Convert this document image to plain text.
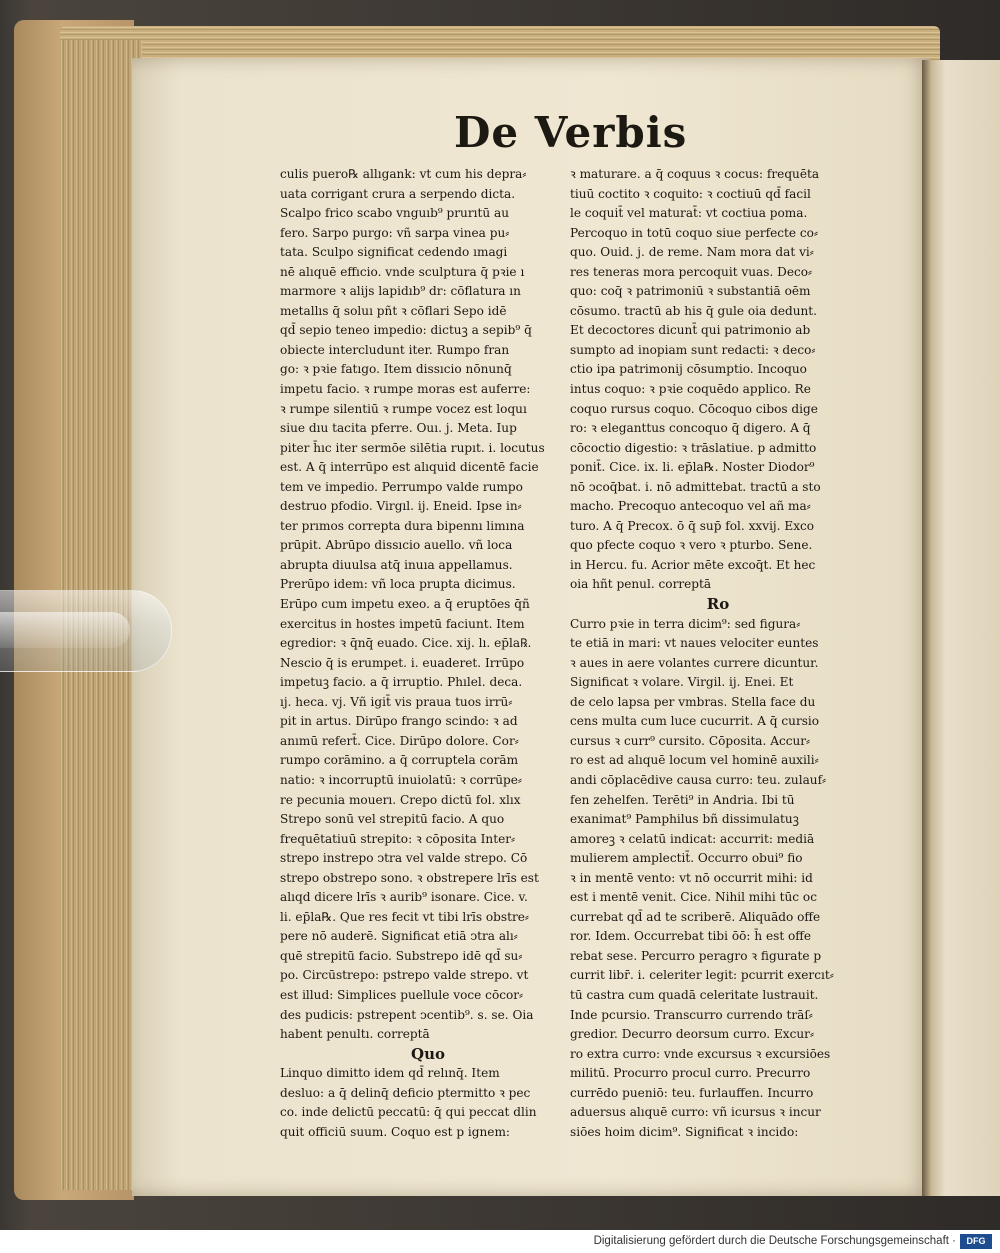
De Verbis
culis puero℞ allıgank: vt cum his depra⸗
uata corrigant crura a serpendo dicta.
Scalpo frico scabo vnguıb⁹ prurıtū au
fero. Sarpo purgo: vñ sarpa vinea pu⸗
tata. Sculpo significat cedendo ımagi
nē alıquē effıcio. vnde sculptura q̄ pꝛie ı
marmore ꝛ alijs lapidıb⁹ dr: cōflatura ın
metallıs q̄ soluı pñt ꝛ cōflari Sepo idē
qd̄ sepio teneo impedio: dictuꝫ a sepib⁹ q̄
obiecte intercludunt iter. Rumpo fran
go: ꝛ pꝛie fatıgo. Item dissıcio nōnunq̄
impetu facio. ꝛ rumpe moras est auferre:
ꝛ rumpe silentiū ꝛ rumpe vocez est loquı
siue dıu tacita pferre. Ouı. j. Meta. Iup
piter h̄ıc iter sermōe silētia rupıt. i. locutus
est. A q̄ interrūpo est alıquid dicentē facie
tem ve impedio. Perrumpo valde rumpo
destruo pfodio. Virgıl. ij. Eneid. Ipse in⸗
ter prımos correpta dura bipennı limına
prūpit. Abrūpo dissıcio auello. vñ loca
abrupta diuulsa atq̄ inuıa appellamus.
Prerūpo idem: vñ loca prupta dicimus.
Erūpo cum impetu exeo. a q̄ eruptōes q̄ñ
exercitus in hostes impetū faciunt. Item
egredior: ꝛ q̄nq̄ euado. Cice. xij. lı. ep̄la℞.
Nescio q̄ is erumpet. i. euaderet. Irrūpo
impetuꝫ facio. a q̄ irruptio. Phılel. deca.
ıj. heca. vj. Vñ igit̄ vis praua tuos irrū⸗
pit in artus. Dirūpo frango scindo: ꝛ ad
anımū refert̄. Cice. Dirūpo dolore. Cor⸗
rumpo corāmino. a q̄ corruptela corām
natio: ꝛ incorruptū inuiolatū: ꝛ corrūpe⸗
re pecunia mouerı. Crepo dictū fol. xlıx
Strepo sonū vel strepitū facio. A quo
frequētatiuū strepito: ꝛ cōposita Inter⸗
strepo instrepo ↄtra vel valde strepo. Cō
strepo obstrepo sono. ꝛ obstrepere lrīs est
alıqd dicere lrīs ꝛ aurib⁹ isonare. Cice. v.
li. ep̄la℞. Que res fecit vt tibi lrīs obstre⸗
pere nō auderē. Significat etiā ↄtra alı⸗
quē strepitū facio. Substrepo idē qd̄ su⸗
po. Circūstrepo: pstrepo valde strepo. vt
est illud: Simplices puellule voce cōcor⸗
des pudicis: pstrepent ↄcentib⁹. s. se. Oia
habent penultı. correptā
Quo
Linquo dimitto idem qd̄ relınq̄. Item
desluo: a q̄ delinq̄ deficio ptermitto ꝛ pec
co. inde delictū peccatū: q̄ qui peccat dlin
quit officiū suum. Coquo est p ignem:
ꝛ maturare. a q̄ coquus ꝛ cocus: frequēta
tiuū coctito ꝛ coquito: ꝛ coctiuū qd̄ facil
le coquit̄ vel maturat̄: vt coctiua poma.
Percoquo in totū coquo siue perfecte co⸗
quo. Ouid. j. de reme. Nam mora dat vi⸗
res teneras mora percoquit vuas. Deco⸗
quo: coq̄ ꝛ patrimoniū ꝛ substantiā oēm
cōsumo. tractū ab his q̄ gule oia dedunt.
Et decoctores dicunt̄ qui patrimonio ab
sumpto ad inopiam sunt redacti: ꝛ deco⸗
ctio ipa patrimonij cōsumptio. Incoquo
intus coquo: ꝛ pꝛie coquēdo applico. Re
coquo rursus coquo. Cōcoquo cibos dige
ro: ꝛ eleganttus concoquo q̄ digero. A q̄
cōcoctio digestio: ꝛ trāslatiue. p admitto
ponit̄. Cice. ix. li. ep̄la℞. Noster Diodor⁹
nō ↄcoq̄bat. i. nō admittebat. tractū a sto
macho. Precoquo antecoquo vel añ ma⸗
turo. A q̄ Precox. ō q̄ sup̄ fol. xxvij. Exco
quo pfecte coquo ꝛ vero ꝛ pturbo. Sene.
in Hercu. fu. Acrior mēte excoq̄t. Et hec
oia hñt penul. correptā
Ro
Curro pꝛie in terra dicim⁹: sed figura⸗
te etiā in mari: vt naues velociter euntes
ꝛ aues in aere volantes currere dicuntur.
Significat ꝛ volare. Virgil. ij. Enei. Et
de celo lapsa per vmbras. Stella face du
cens multa cum luce cucurrit. A q̄ cursio
cursus ꝛ curr⁹ cursito. Cōposita. Accur⸗
ro est ad alıquē locum vel hominē auxili⸗
andi cōplacēdive causa curro: teu. zulauf⸗
fen zehelfen. Terēti⁹ in Andria. Ibi tū
exanimat⁹ Pamphilus bñ dissimulatuꝫ
amoreꝫ ꝛ celatū indicat: accurrit: mediā
mulierem amplectit̄. Occurro obui⁹ fio
ꝛ in mentē vento: vt nō occurrit mihi: id
est i mentē venit. Cice. Nihil mihi tūc oc
currebat qd̄ ad te scriberē. Aliquādo offe
ror. Idem. Occurrebat tibi ōō: h̄ est offe
rebat sese. Percurro peragro ꝛ figurate p
currit libr̄. i. celeriter legit: pcurrit exercıt⸗
tū castra cum quadā celeritate lustrauit.
Inde pcursio. Transcurro currendo trāſ⸗
gredior. Decurro deorsum curro. Excur⸗
ro extra curro: vnde excursus ꝛ excursiōes
militū. Procurro procul curro. Precurro
currēdo pueniō: teu. furlauffen. Incurro
aduersus alıquē curro: vñ icursus ꝛ incur
siōes hoim dicim⁹. Significat ꝛ incido:
Digitalisierung gefördert durch die Deutsche Forschungsgemeinschaft ·	DFG
